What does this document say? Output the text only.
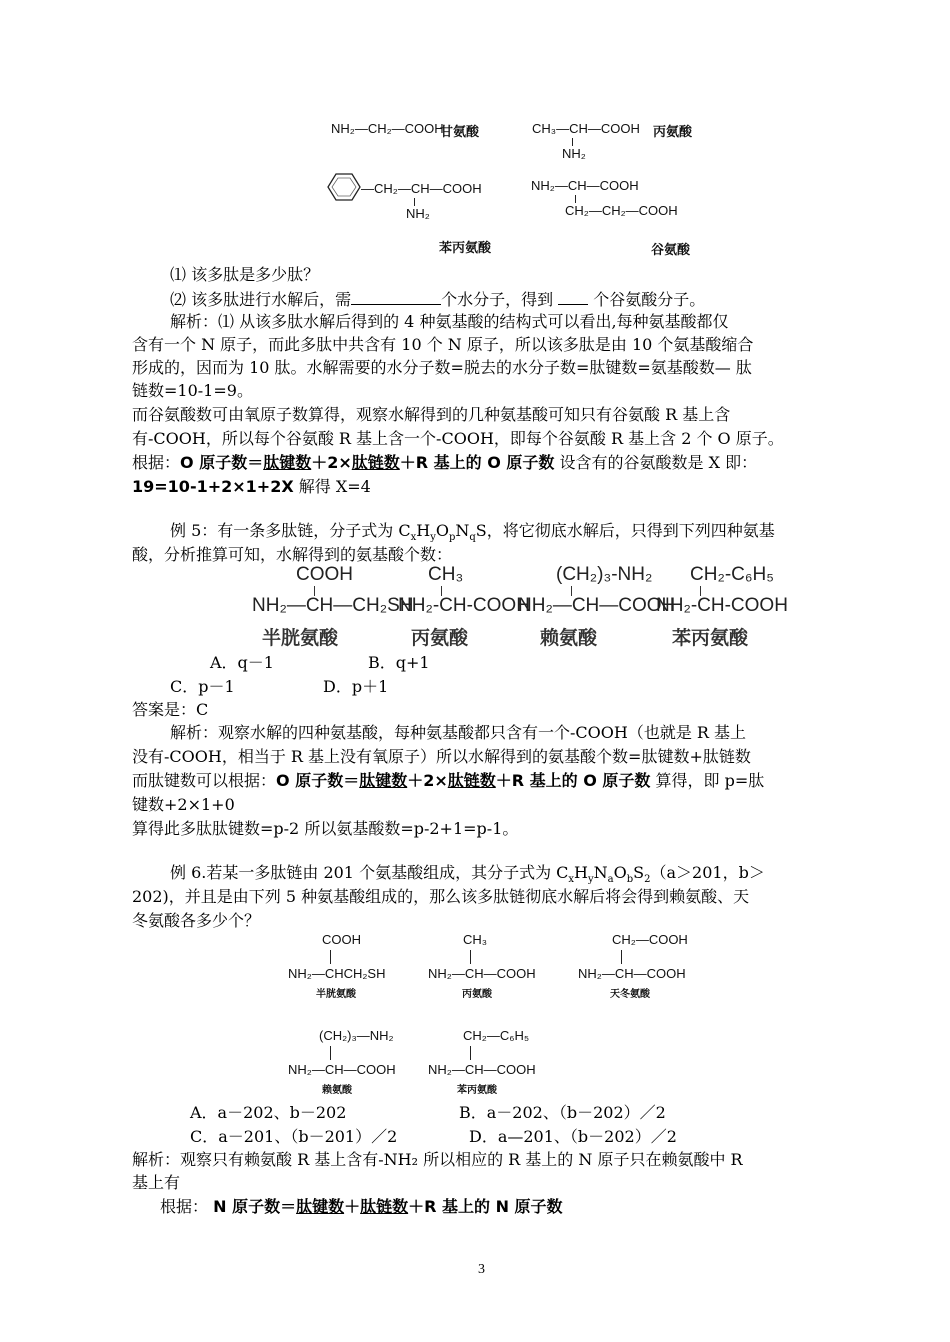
NH₂—CH₂—COOH
甘氨酸	CH₃—CH—COOH
NH₂
丙氨酸
—CH₂—CH—COOH
NH₂
苯丙氨酸
NH₂—CH—COOH
CH₂—CH₂—COOH
谷氨酸
⑴ 该多肽是多少肽？
⑵ 该多肽进行水解后，需	个水分子，得到	个谷氨酸分子。
解析：⑴ 从该多肽水解后得到的 4 种氨基酸的结构式可以看出,每种氨基酸都仅
含有一个 N 原子，而此多肽中共含有 10 个 N 原子，所以该多肽是由 10 个氨基酸缩合
形成的，因而为 10 肽。水解需要的水分子数=脱去的水分子数=肽键数=氨基酸数— 肽
链数=10-1=9。
而谷氨酸数可由氧原子数算得，观察水解得到的几种氨基酸可知只有谷氨酸 R 基上含
有-COOH，所以每个谷氨酸 R 基上含一个-COOH，即每个谷氨酸 R 基上含 2 个 O 原子。
根据：O 原子数＝肽键数＋2×肽链数＋R 基上的 O 原子数 设含有的谷氨酸数是 X 即：
19=10-1+2×1+2X 解得 X=4
例 5：有一条多肽链，分子式为 $C_xH_yO_pN_qS$，将它彻底水解后，只得到下列四种氨基
酸，分析推算可知，水解得到的氨基酸个数：
COOH
NH₂—CH—CH₂SH
半胱氨酸
CH₃
NH₂-CH-COOH
丙氨酸
(CH₂)₃-NH₂
NH₂—CH—COOH
赖氨酸
CH₂-C₆H₅
NH₂-CH-COOH
苯丙氨酸
A．q－1	B．q+1
C．p－1	D．p＋1
答案是：C
解析：观察水解的四种氨基酸，每种氨基酸都只含有一个-COOH（也就是 R 基上
没有-COOH，相当于 R 基上没有氧原子）所以水解得到的氨基酸个数=肽键数+肽链数
而肽键数可以根据：O 原子数＝肽键数＋2×肽链数＋R 基上的 O 原子数 算得，即 p=肽
键数+2×1+0
算得此多肽肽键数=p-2 所以氨基酸数=p-2+1=p-1。
例 6.若某一多肽链由 201 个氨基酸组成，其分子式为 $C_xH_yN_aO_bS_2(a>201$，b＞
202)，并且是由下列 5 种氨基酸组成的，那么该多肽链彻底水解后将会得到赖氨酸、天
冬氨酸各多少个？
COOH
NH₂—CHCH₂SH
半胱氨酸
CH₃
NH₂—CH—COOH
丙氨酸
CH₂—COOH
NH₂—CH—COOH
天冬氨酸
(CH₂)₃—NH₂
NH₂—CH—COOH
赖氨酸
CH₂—C₆H₅
NH₂—CH—COOH
苯丙氨酸
A．a－202、b－202	B．a－202、（b－202）／2
C．a－201、（b－201）／2	D．a—201、（b－202）／2
解析：观察只有赖氨酸 R 基上含有-NH₂ 所以相应的 R 基上的 N 原子只在赖氨酸中 R
基上有
根据： N 原子数＝肽键数＋肽链数＋R 基上的 N 原子数
3
